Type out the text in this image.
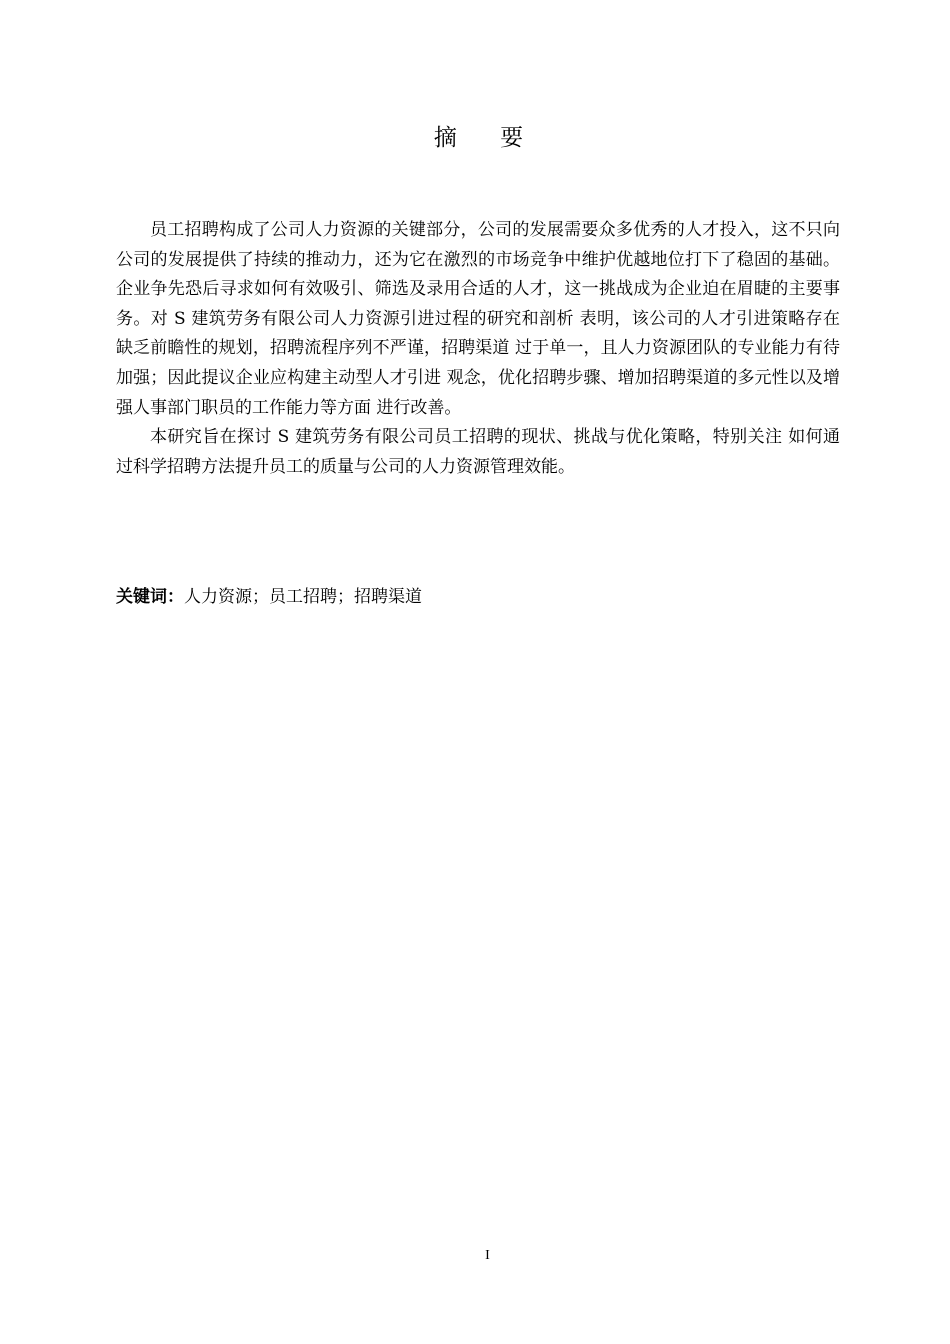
摘 要

员工招聘构成了公司人力资源的关键部分，公司的发展需要众多优秀的人才投入，这不只向公司的发展提供了持续的推动力，还为它在激烈的市场竞争中维护优越地位打下了稳固的基础。企业争先恐后寻求如何有效吸引、筛选及录用合适的人才，这一挑战成为企业迫在眉睫的主要事务。对 S 建筑劳务有限公司人力资源引进过程的研究和剖析 表明，该公司的人才引进策略存在缺乏前瞻性的规划，招聘流程序列不严谨，招聘渠道 过于单一，且人力资源团队的专业能力有待加强；因此提议企业应构建主动型人才引进 观念，优化招聘步骤、增加招聘渠道的多元性以及增强人事部门职员的工作能力等方面 进行改善。

本研究旨在探讨 S 建筑劳务有限公司员工招聘的现状、挑战与优化策略，特别关注 如何通过科学招聘方法提升员工的质量与公司的人力资源管理效能。

关键词：人力资源；员工招聘；招聘渠道
I
